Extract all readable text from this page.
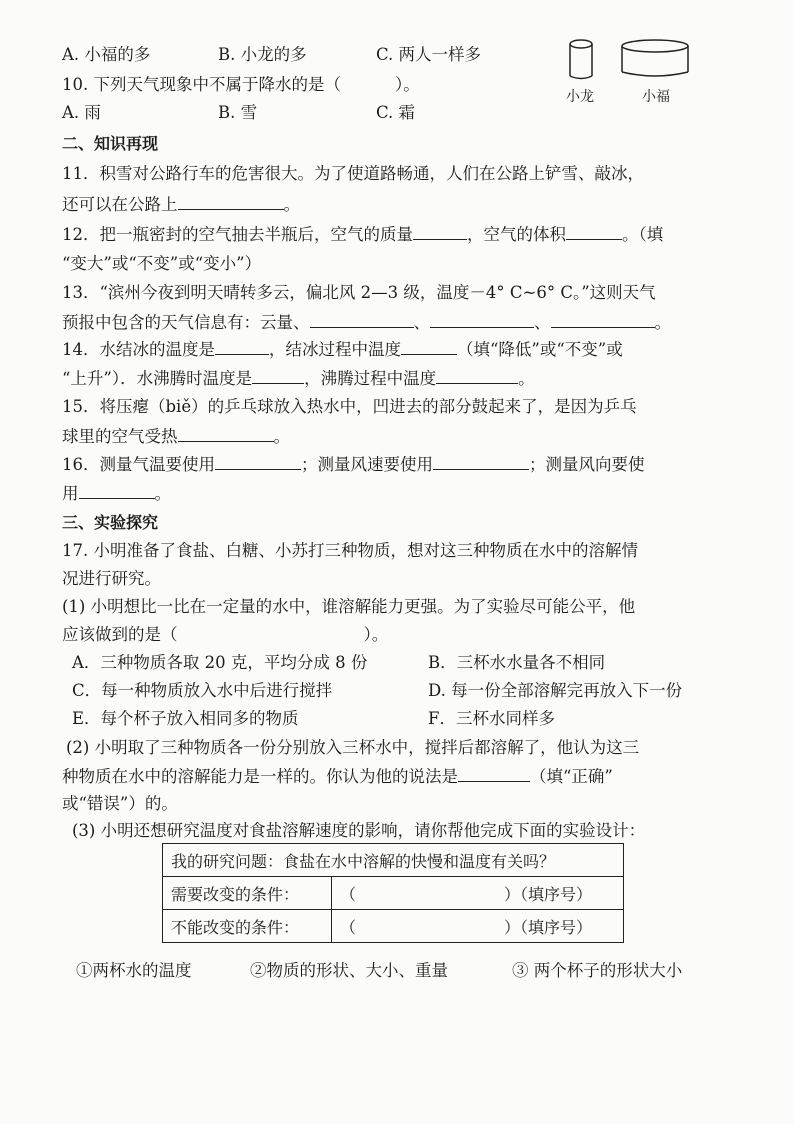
A. 小福的多	B. 小龙的多	C. 两人一样多
小龙	小福
10. 下列天气现象中不属于降水的是（	）。
A. 雨	B. 雪	C. 霜
二、知识再现
11．积雪对公路行车的危害很大。为了使道路畅通，人们在公路上铲雪、敲冰，
还可以在公路上	。
12．把一瓶密封的空气抽去半瓶后，空气的质量	，空气的体积	。（填
“变大”或“不变”或“变小”）
13．“滨州今夜到明天晴转多云，偏北风 2—3 级，温度－4° C~6° C。”这则天气
预报中包含的天气信息有：云量、	、	、	。
14．水结冰的温度是	，结冰过程中温度	（填“降低”或“不变”或
“上升”）．水沸腾时温度是	，沸腾过程中温度	。
15．将压瘪（biě）的乒乓球放入热水中，凹进去的部分鼓起来了，是因为乒乓
球里的空气受热	。
16．测量气温要使用	；测量风速要使用	；测量风向要使
用	。
三、实验探究
17. 小明准备了食盐、白糖、小苏打三种物质，想对这三种物质在水中的溶解情
况进行研究。
(1) 小明想比一比在一定量的水中，谁溶解能力更强。为了实验尽可能公平，他
应该做到的是（	）。
A．三种物质各取 20 克，平均分成 8 份	B．三杯水水量各不相同
C．每一种物质放入水中后进行搅拌	D. 每一份全部溶解完再放入下一份
E．每个杯子放入相同多的物质	F．三杯水同样多
(2) 小明取了三种物质各一份分别放入三杯水中，搅拌后都溶解了，他认为这三
种物质在水中的溶解能力是一样的。你认为他的说法是	（填“正确”
或“错误”）的。
(3) 小明还想研究温度对食盐溶解速度的影响，请你帮他完成下面的实验设计：
我的研究问题：食盐在水中溶解的快慢和温度有关吗？	
需要改变的条件：	（ ）（填序号）
不能改变的条件：	（ ）（填序号）
①两杯水的温度	②物质的形状、大小、重量	③ 两个杯子的形状大小
